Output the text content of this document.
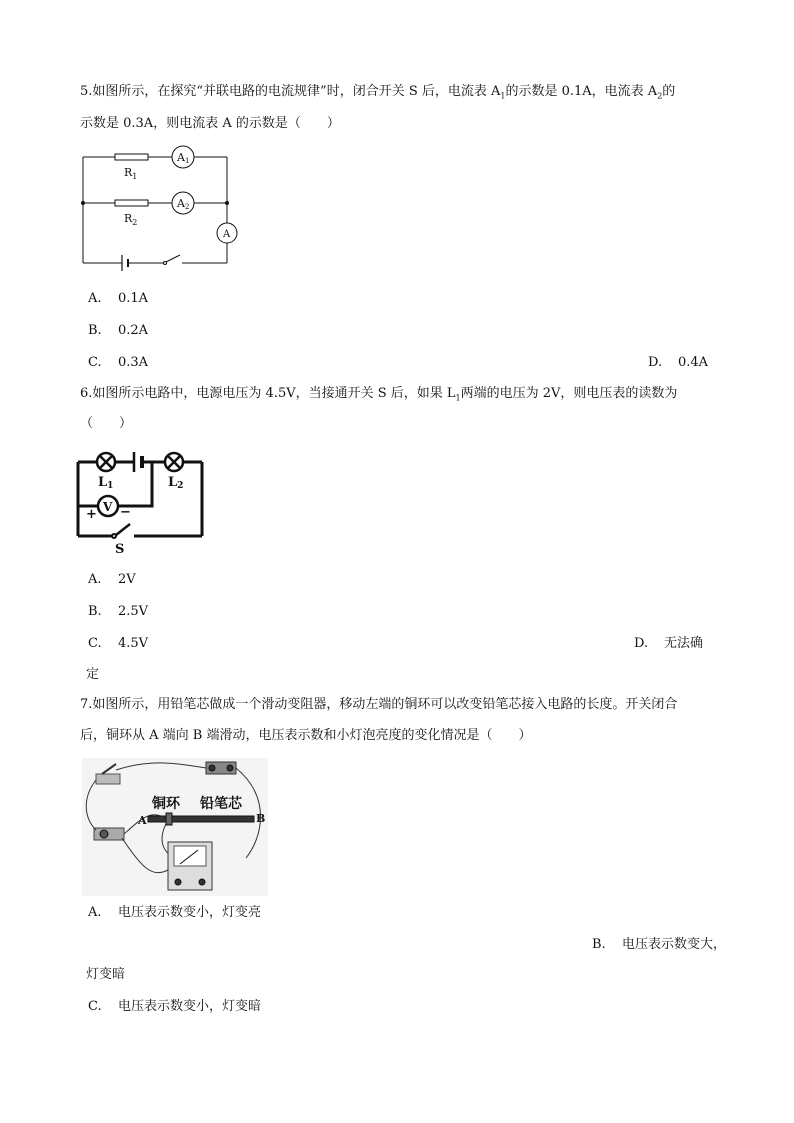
5.如图所示，在探究“并联电路的电流规律”时，闭合开关 S 后，电流表 $A_1$的示数是 0.1A，电流表 $A_2$的
示数是 0.3A，则电流表 A 的示数是（　　）
$R_1$
$R_2$
A1
A2
A
A. 0.1A
B. 0.2A
C. 0.3A	D. 0.4A
6.如图所示电路中，电源电压为 4.5V，当接通开关 S 后，如果 $L_1$两端的电压为 2V，则电压表的读数为
（　　）
L1	L2
V
+ −
S
A. 2V
B. 2.5V
C. 4.5V	D. 无法确
定
7.如图所示，用铅笔芯做成一个滑动变阻器，移动左端的铜环可以改变铅笔芯接入电路的长度。开关闭合
后，铜环从 A 端向 B 端滑动，电压表示数和小灯泡亮度的变化情况是（　　）
铜环 铅笔芯
A	B
A. 电压表示数变小，灯变亮
B. 电压表示数变大，
灯变暗
C. 电压表示数变小，灯变暗
